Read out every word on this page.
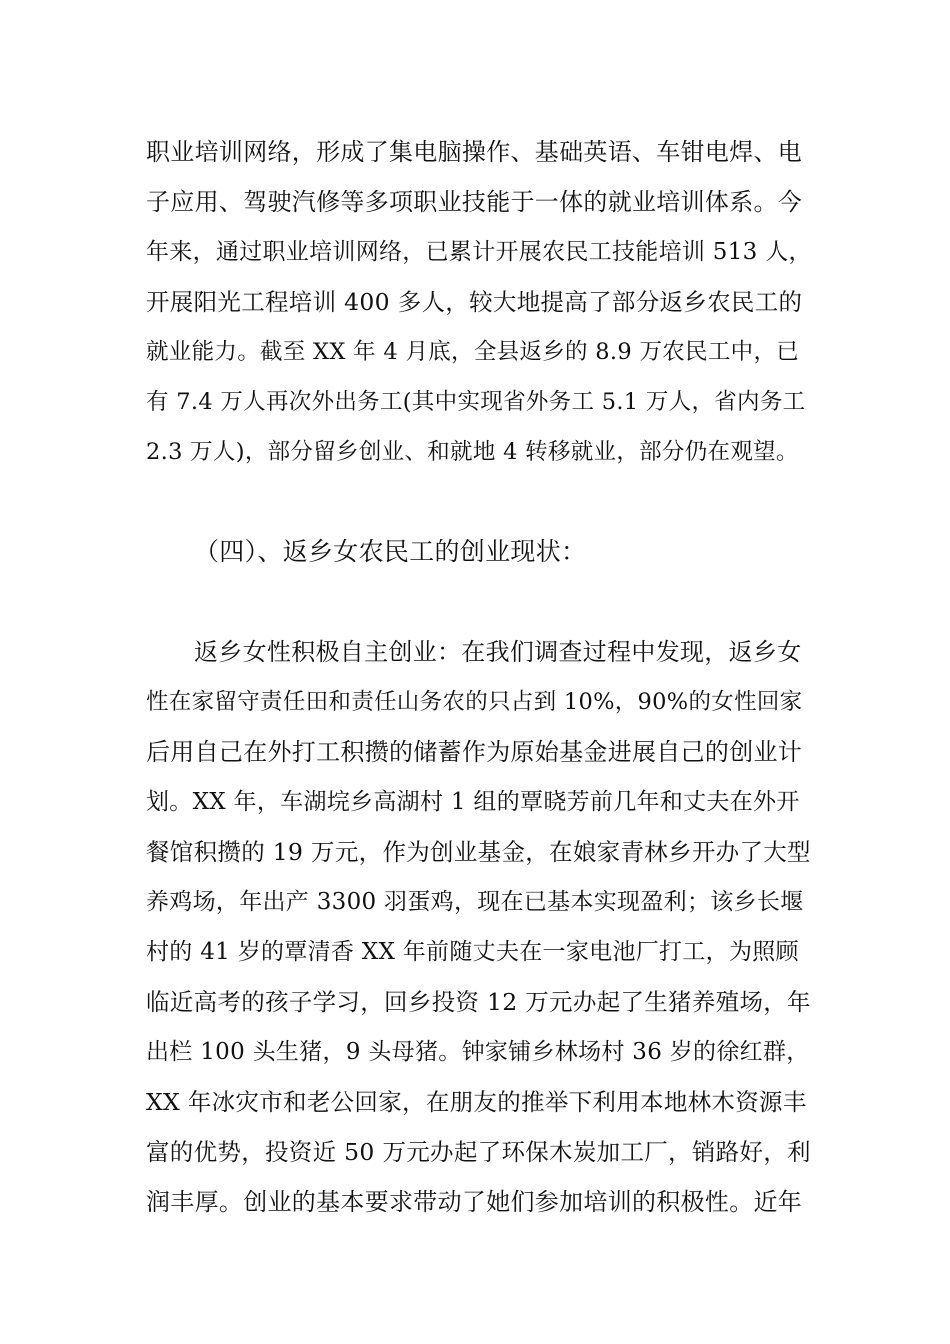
职业培训网络，形成了集电脑操作、基础英语、车钳电焊、电
子应用、驾驶汽修等多项职业技能于一体的就业培训体系。今
年来，通过职业培训网络，已累计开展农民工技能培训 513 人，
开展阳光工程培训 400 多人，较大地提高了部分返乡农民工的
就业能力。截至 XX 年 4 月底，全县返乡的 8.9 万农民工中，已
有 7.4 万人再次外出务工(其中实现省外务工 5.1 万人，省内务工
2.3 万人)，部分留乡创业、和就地 4 转移就业，部分仍在观望。
（四）、返乡女农民工的创业现状：
返乡女性积极自主创业：在我们调查过程中发现，返乡女
性在家留守责任田和责任山务农的只占到 10%，90%的女性回家
后用自己在外打工积攒的储蓄作为原始基金进展自己的创业计
划。XX 年，车湖垸乡高湖村 1 组的覃晓芳前几年和丈夫在外开
餐馆积攒的 19 万元，作为创业基金，在娘家青林乡开办了大型
养鸡场，年出产 3300 羽蛋鸡，现在已基本实现盈利；该乡长堰
村的 41 岁的覃清香 XX 年前随丈夫在一家电池厂打工，为照顾
临近高考的孩子学习，回乡投资 12 万元办起了生猪养殖场，年
出栏 100 头生猪，9 头母猪。钟家铺乡林场村 36 岁的徐红群，
XX 年冰灾市和老公回家，在朋友的推举下利用本地林木资源丰
富的优势，投资近 50 万元办起了环保木炭加工厂，销路好，利
润丰厚。创业的基本要求带动了她们参加培训的积极性。近年
